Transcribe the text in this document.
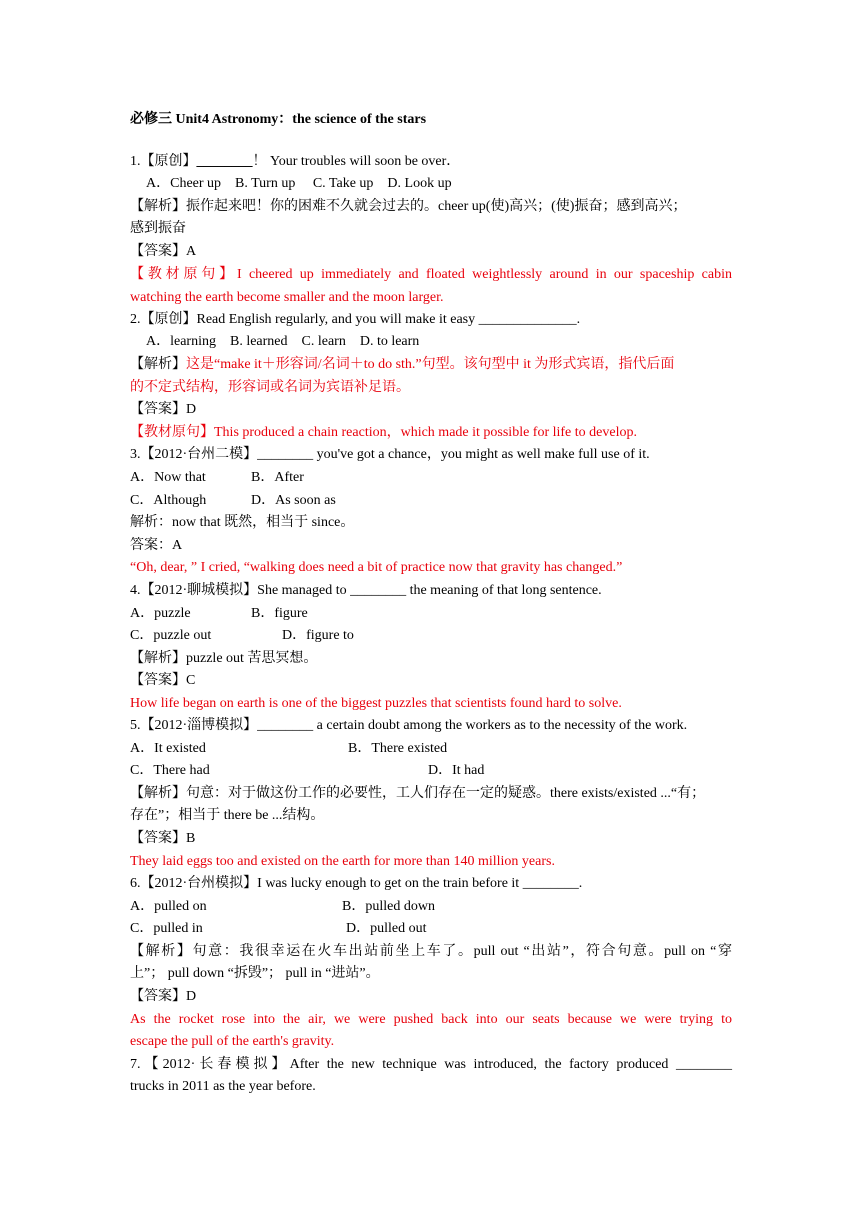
必修三 Unit4 Astronomy：the science of the stars
1.【原创】________！ Your troubles will soon be over．
A．Cheer up    B. Turn up     C. Take up    D. Look up
【解析】振作起来吧！你的困难不久就会过去的。cheer up(使)高兴；(使)振奋；感到高兴；
感到振奋
【答案】A
【教材原句】I cheered up immediately and floated weightlessly around in our spaceship cabin
watching the earth become smaller and the moon larger.
2.【原创】Read English regularly, and you will make it easy ______________.
A．learning    B. learned    C. learn    D. to learn
【解析】这是“make it＋形容词/名词＋to do sth.”句型。该句型中 it 为形式宾语，指代后面
的不定式结构，形容词或名词为宾语补足语。
【答案】D
【教材原句】This produced a chain reaction，which made it possible for life to develop.
3.【2012·台州二模】________ you've got a chance，you might as well make full use of it.
A．Now that	B．After
C．Although	D．As soon as
解析：now that 既然，相当于 since。
答案：A
“Oh, dear, ” I cried, “walking does need a bit of practice now that gravity has changed.”
4.【2012·聊城模拟】She managed to ________ the meaning of that long sentence.
A．puzzle	B．figure
C．puzzle out	D．figure to
【解析】puzzle out 苦思冥想。
【答案】C
How life began on earth is one of the biggest puzzles that scientists found hard to solve.
5.【2012·淄博模拟】________ a certain doubt among the workers as to the necessity of the work.
A．It existed	B．There existed
C．There had	D．It had
【解析】句意：对于做这份工作的必要性，工人们存在一定的疑惑。there exists/existed ...“有；
存在”；相当于 there be ...结构。
【答案】B
They laid eggs too and existed on the earth for more than 140 million years.
6.【2012·台州模拟】I was lucky enough to get on the train before it ________.
A．pulled on	B．pulled down
C．pulled in	D．pulled out
【解析】句意：我很幸运在火车出站前坐上车了。pull out “出站”，符合句意。pull on “穿
上”； pull down “拆毁”； pull in “进站”。
【答案】D
As the rocket rose into the air, we were pushed back into our seats because we were trying to
escape the pull of the earth's gravity.
7.【2012·长春模拟】After the new technique was introduced, the factory produced ________
trucks in 2011 as the year before.
